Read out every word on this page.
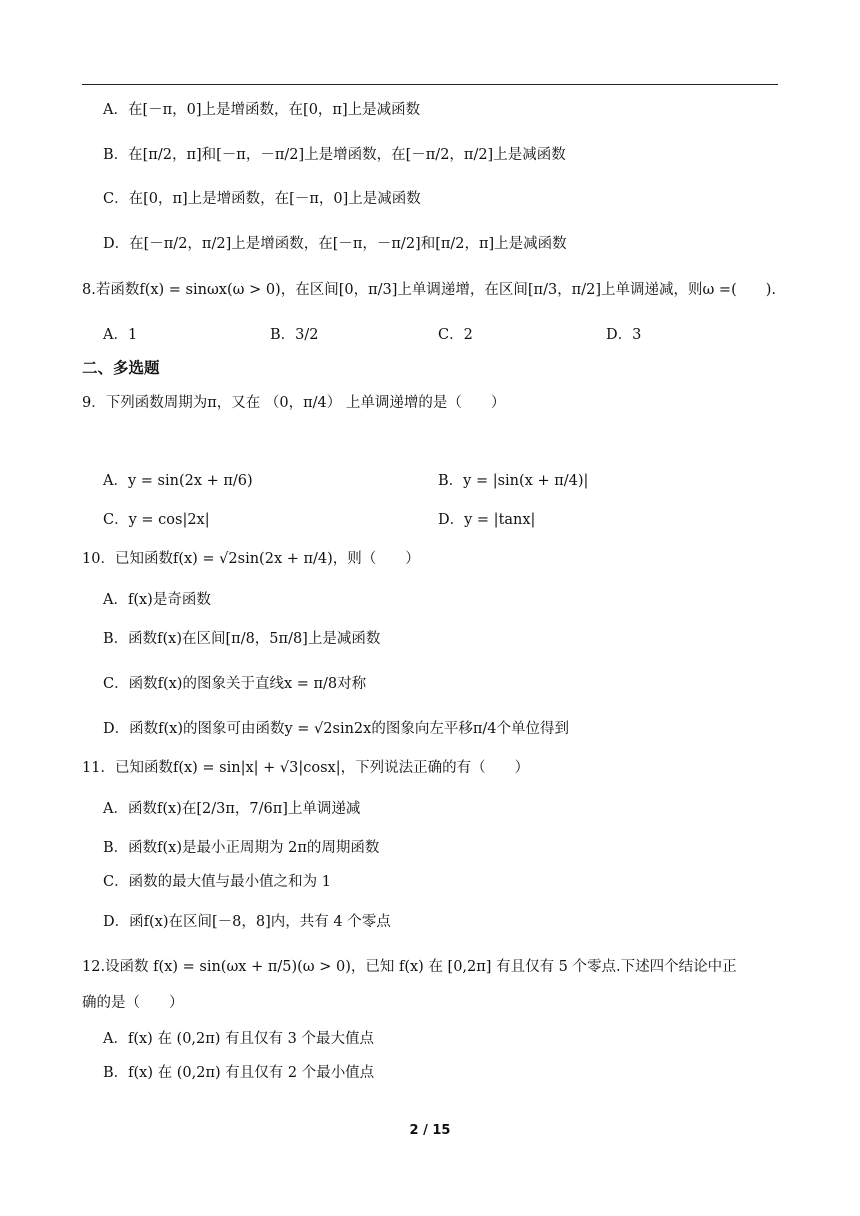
A．在[－π，0]上是增函数，在[0，π]上是减函数
B．在[π/2，π]和[－π，－π/2]上是增函数，在[－π/2，π/2]上是减函数
C．在[0，π]上是增函数，在[－π，0]上是减函数
D．在[－π/2，π/2]上是增函数，在[－π，－π/2]和[π/2，π]上是减函数
8.若函数f(x) = sinωx(ω > 0)，在区间[0，π/3]上单调递增，在区间[π/3，π/2]上单调递减，则ω =(　　).
A．1	B．3/2	C．2	D．3
二、多选题
9．下列函数周期为π，又在 （0，π/4） 上单调递增的是（　　）
A．y = sin(2x + π/6)	B．y = |sin(x + π/4)|
C．y = cos|2x|	D．y = |tanx|
10．已知函数f(x) = √2sin(2x + π/4)，则（　　）
A．f(x)是奇函数
B．函数f(x)在区间[π/8，5π/8]上是减函数
C．函数f(x)的图象关于直线x = π/8对称
D．函数f(x)的图象可由函数y = √2sin2x的图象向左平移π/4个单位得到
11．已知函数f(x) = sin|x| + √3|cosx|，下列说法正确的有（　　）
A．函数f(x)在[2/3π，7/6π]上单调递减
B．函数f(x)是最小正周期为 2π的周期函数
C．函数的最大值与最小值之和为 1
D．函f(x)在区间[－8，8]内，共有 4 个零点
12.设函数 f(x) = sin(ωx + π/5)(ω > 0)，已知 f(x) 在 [0,2π] 有且仅有 5 个零点.下述四个结论中正
确的是（　　）
A．f(x) 在 (0,2π) 有且仅有 3 个最大值点
B．f(x) 在 (0,2π) 有且仅有 2 个最小值点
2 / 15
